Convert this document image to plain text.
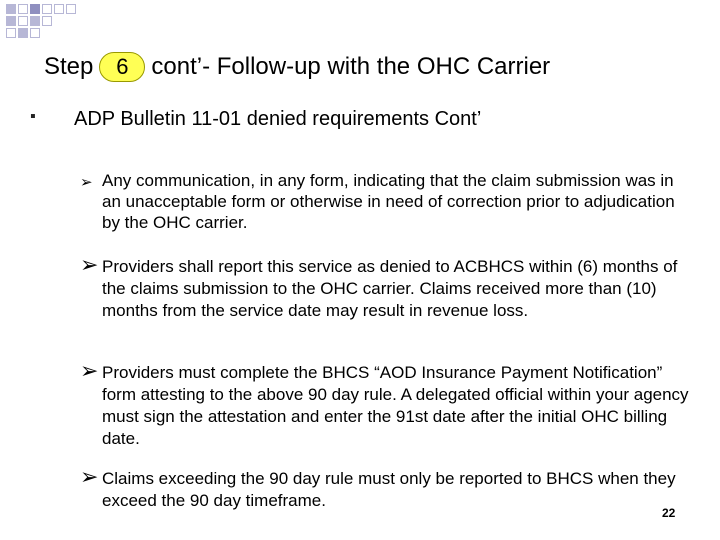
Step	6 cont’- Follow-up with the OHC Carrier
▪ ADP Bulletin 11-01 denied requirements Cont’
➢ Any communication, in any form, indicating that the claim submission was in an unacceptable form or otherwise in need of correction prior to adjudication by the OHC carrier.
➢ Providers shall report this service as denied to ACBHCS within (6) months of the claims submission to the OHC carrier. Claims received more than (10) months from the service date may result in revenue loss.
➢ Providers must complete the BHCS “AOD Insurance Payment Notification” form attesting to the above 90 day rule. A delegated official within your agency must sign the attestation and enter the 91st date after the initial OHC billing date.
➢ Claims exceeding the 90 day rule must only be reported to BHCS when they exceed the 90 day timeframe.
22
